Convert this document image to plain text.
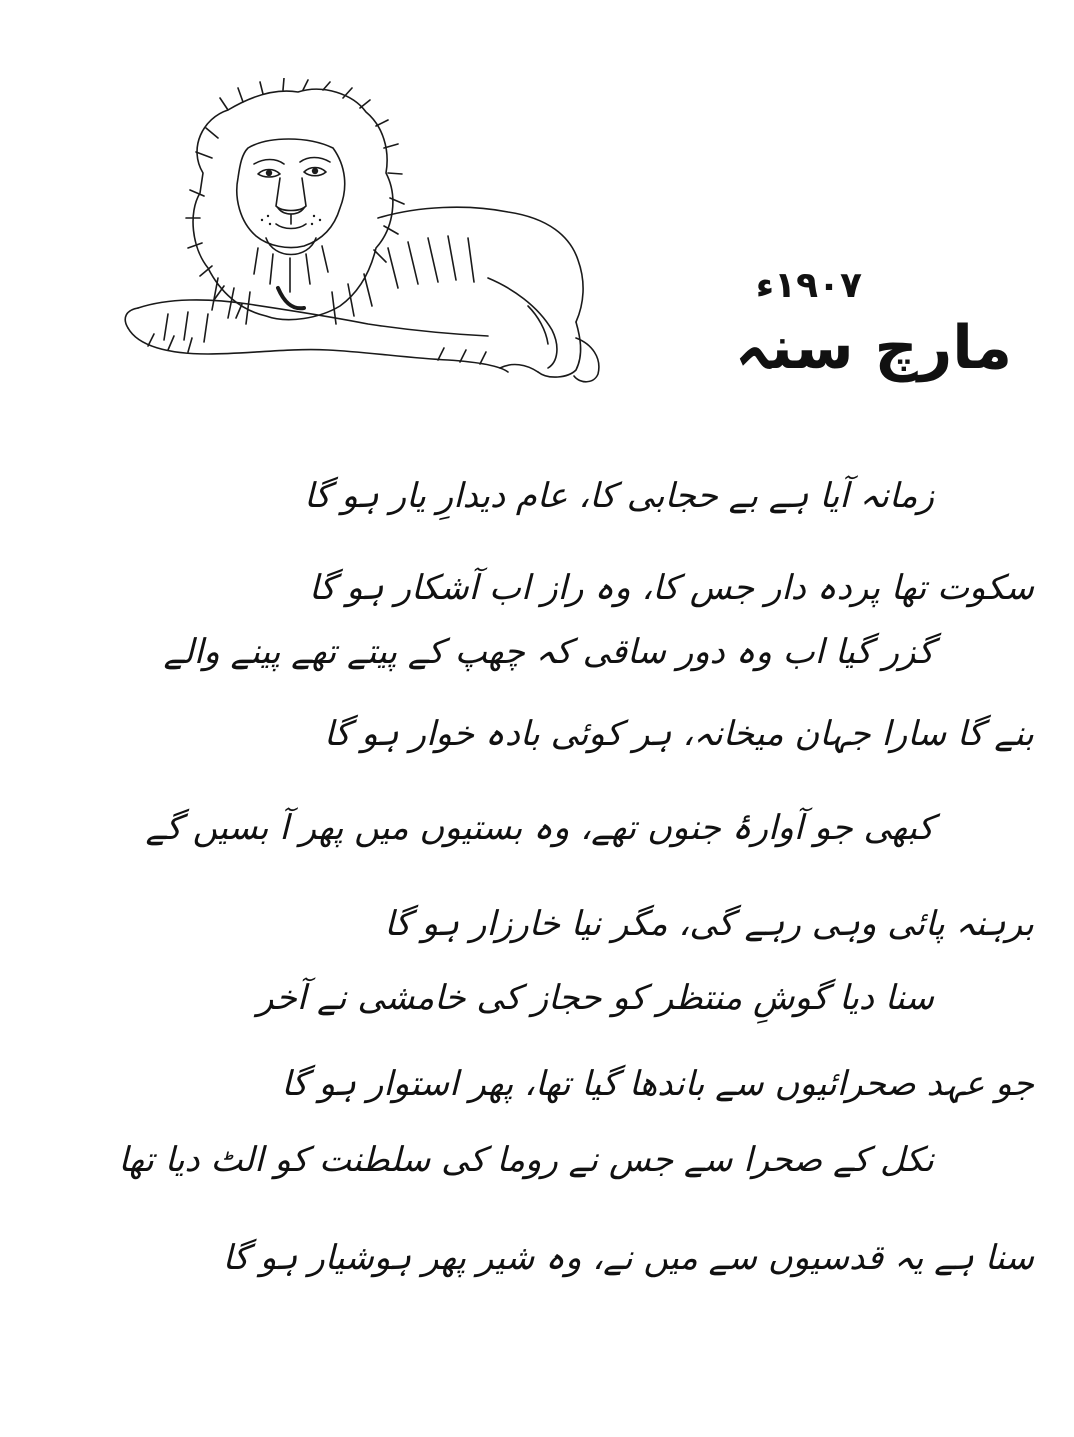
۱۹۰۷ء
مارچ سنہ
زمانہ آیا ہے بے حجابی کا، عام دیدارِ یار ہو گا
سکوت تھا پردہ دار جس کا، وہ راز اب آشکار ہو گا
گزر گیا اب وہ دور ساقی کہ چھپ کے پیتے تھے پینے والے
بنے گا سارا جہان میخانہ، ہر کوئی بادہ خوار ہو گا
کبھی جو آوارۂ جنوں تھے، وہ بستیوں میں پھر آ بسیں گے
برہنہ پائی وہی رہے گی، مگر نیا خارزار ہو گا
سنا دیا گوشِ منتظر کو حجاز کی خامشی نے آخر
جو عہد صحرائیوں سے باندھا گیا تھا، پھر استوار ہو گا
نکل کے صحرا سے جس نے روما کی سلطنت کو الٹ دیا تھا
سنا ہے یہ قدسیوں سے میں نے، وہ شیر پھر ہوشیار ہو گا
